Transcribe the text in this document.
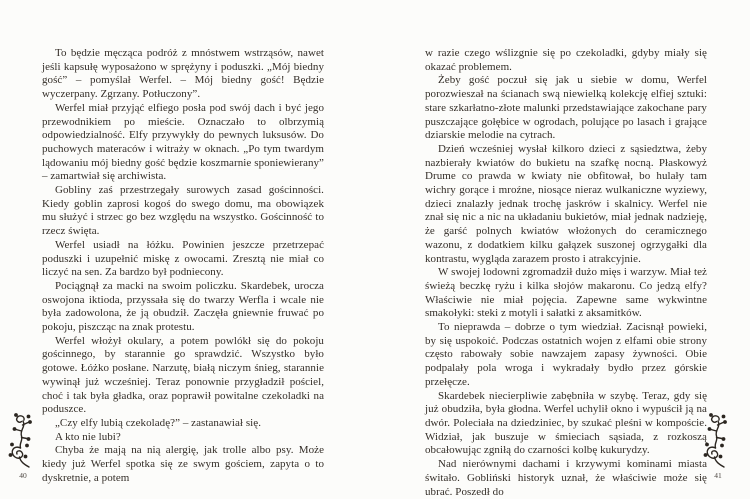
To będzie męcząca podróż z mnóstwem wstrząsów, nawet jeśli kapsułę wyposażono w sprężyny i poduszki. „Mój biedny gość” – pomyślał Werfel. – Mój biedny gość! Będzie wyczerpany. Zgrzany. Potłuczony”.

Werfel miał przyjąć elfiego posła pod swój dach i być jego przewodnikiem po mieście. Oznaczało to olbrzymią odpowiedzialność. Elfy przywykły do pewnych luksusów. Do puchowych materaców i witraży w oknach. „Po tym twardym lądowaniu mój biedny gość będzie koszmarnie sponiewierany” – zamartwiał się archiwista.

Gobliny zaś przestrzegały surowych zasad gościnności. Kiedy goblin zaprosi kogoś do swego domu, ma obowiązek mu służyć i strzec go bez względu na wszystko. Gościnność to rzecz święta.

Werfel usiadł na łóżku. Powinien jeszcze przetrzepać poduszki i uzupełnić miskę z owocami. Zresztą nie miał co liczyć na sen. Za bardzo był podniecony.

Pociągnął za macki na swoim policzku. Skardebek, urocza oswojona iktioda, przyssała się do twarzy Werfla i wcale nie była zadowolona, że ją obudził. Zaczęła gniewnie fruwać po pokoju, piszcząc na znak protestu.

Werfel włożył okulary, a potem powlókł się do pokoju gościnnego, by starannie go sprawdzić. Wszystko było gotowe. Łóżko posłane. Narzutę, białą niczym śnieg, starannie wywinął już wcześniej. Teraz ponownie przygładził pościel, choć i tak była gładka, oraz poprawił powitalne czekoladki na poduszce.

„Czy elfy lubią czekoladę?” – zastanawiał się.

A kto nie lubi?

Chyba że mają na nią alergię, jak trolle albo psy. Może kiedy już Werfel spotka się ze swym gościem, zapyta o to dyskretnie, a potem

w razie czego wślizgnie się po czekoladki, gdyby miały się okazać problemem.

Żeby gość poczuł się jak u siebie w domu, Werfel porozwieszał na ścianach swą niewielką kolekcję elfiej sztuki: stare szkarłatno-złote malunki przedstawiające zakochane pary puszczające gołębice w ogrodach, polujące po lasach i grające dziarskie melodie na cytrach.

Dzień wcześniej wysłał kilkoro dzieci z sąsiedztwa, żeby nazbierały kwiatów do bukietu na szafkę nocną. Płaskowyż Drume co prawda w kwiaty nie obfitował, bo hulały tam wichry gorące i mroźne, niosące nieraz wulkaniczne wyziewy, dzieci znalazły jednak trochę jaskrów i skalnicy. Werfel nie znał się nic a nic na układaniu bukietów, miał jednak nadzieję, że garść polnych kwiatów włożonych do ceramicznego wazonu, z dodatkiem kilku gałązek suszonej ogrzygałki dla kontrastu, wygląda zarazem prosto i atrakcyjnie.

W swojej lodowni zgromadził dużo mięs i warzyw. Miał też świeżą beczkę ryżu i kilka słojów makaronu. Co jedzą elfy? Właściwie nie miał pojęcia. Zapewne same wykwintne smakołyki: steki z motyli i sałatki z aksamitków.

To nieprawda – dobrze o tym wiedział. Zacisnął powieki, by się uspokoić. Podczas ostatnich wojen z elfami obie strony często rabowały sobie nawzajem zapasy żywności. Obie podpalały pola wroga i wykradały bydło przez górskie przełęcze.

Skardebek niecierpliwie zabębniła w szybę. Teraz, gdy się już obudziła, była głodna. Werfel uchylił okno i wypuścił ją na dwór. Poleciała na dziedziniec, by szukać pleśni w kompoście. Widział, jak buszuje w śmieciach sąsiada, z rozkoszą obcałowując zgniłą do czarności kolbę kukurydzy.

Nad nierównymi dachami i krzywymi kominami miasta świtało. Gobliński historyk uznał, że właściwie może się ubrać. Poszedł do

40	41
